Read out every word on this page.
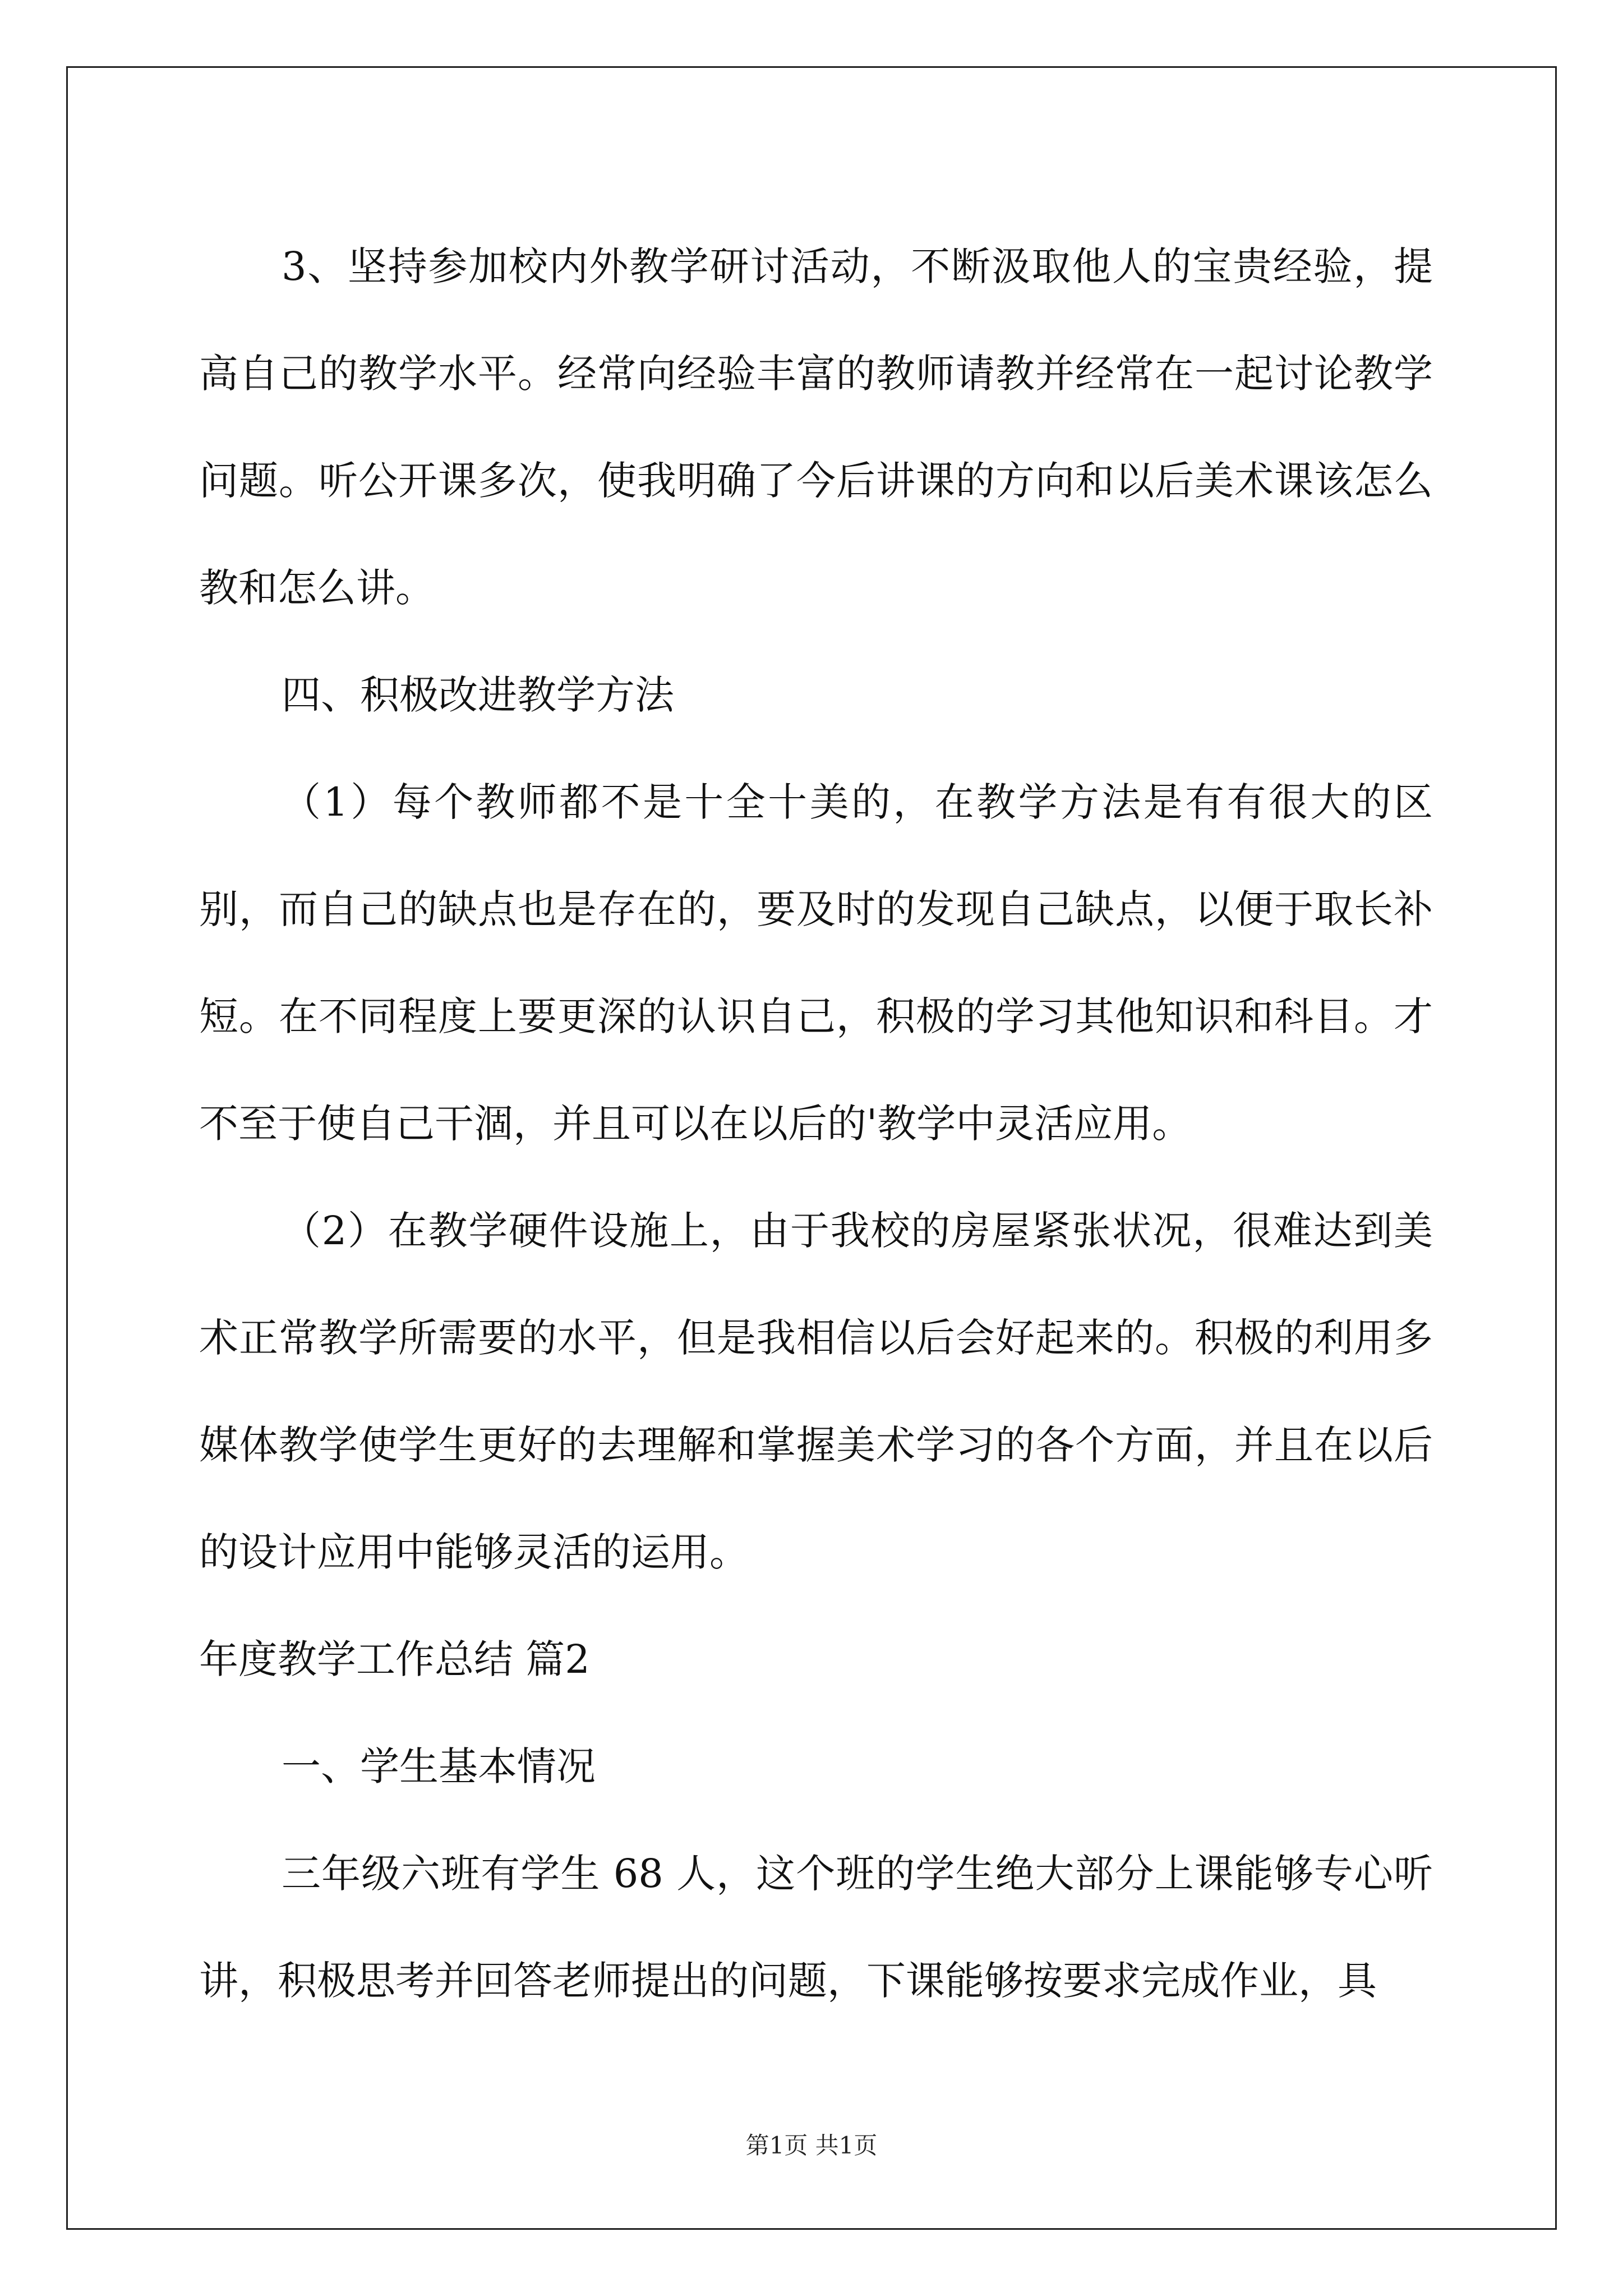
3、坚持参加校内外教学研讨活动，不断汲取他人的宝贵经验，提高自己的教学水平。经常向经验丰富的教师请教并经常在一起讨论教学问题。听公开课多次，使我明确了今后讲课的方向和以后美术课该怎么教和怎么讲。

四、积极改进教学方法

（1）每个教师都不是十全十美的，在教学方法是有有很大的区别，而自己的缺点也是存在的，要及时的发现自己缺点，以便于取长补短。在不同程度上要更深的认识自己，积极的学习其他知识和科目。才不至于使自己干涸，并且可以在以后的'教学中灵活应用。

（2）在教学硬件设施上，由于我校的房屋紧张状况，很难达到美术正常教学所需要的水平，但是我相信以后会好起来的。积极的利用多媒体教学使学生更好的去理解和掌握美术学习的各个方面，并且在以后的设计应用中能够灵活的运用。

年度教学工作总结 篇2

一、学生基本情况

三年级六班有学生 68 人，这个班的学生绝大部分上课能够专心听讲，积极思考并回答老师提出的问题，下课能够按要求完成作业，具

第1页 共1页
